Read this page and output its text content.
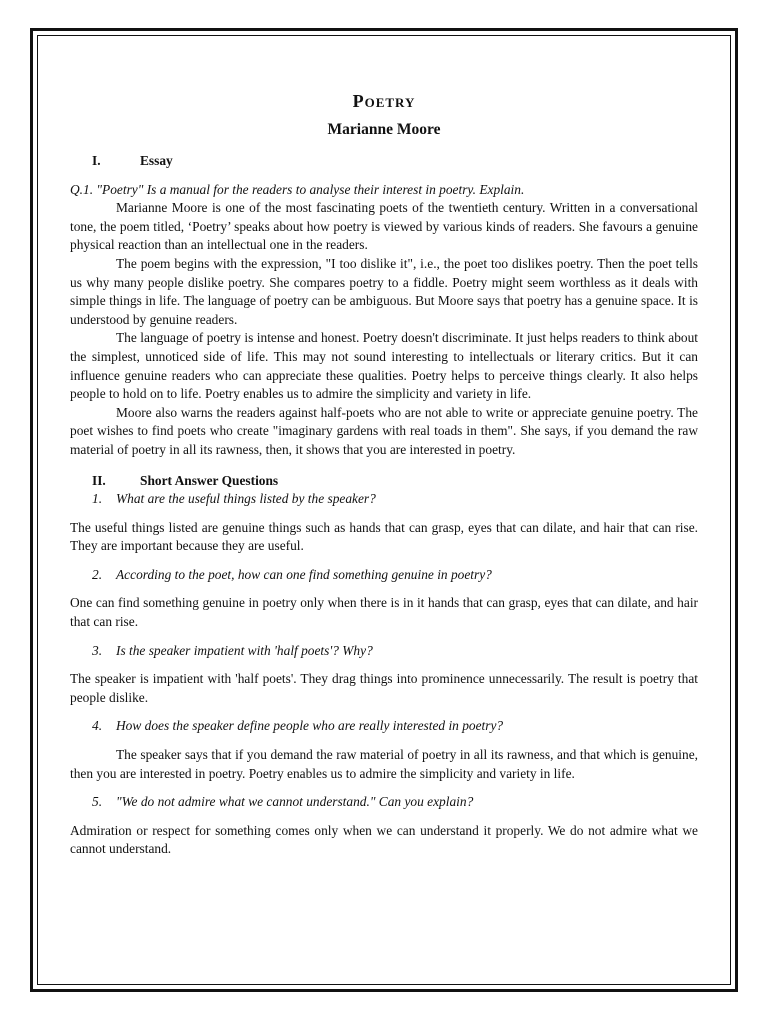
Poetry
Marianne Moore
I.	Essay

Q.1. "Poetry" Is a manual for the readers to analyse their interest in poetry. Explain.

Marianne Moore is one of the most fascinating poets of the twentieth century. Written in a conversational tone, the poem titled, ‘Poetry’ speaks about how poetry is viewed by various kinds of readers. She favours a genuine physical reaction than an intellectual one in the readers.

The poem begins with the expression, "I too dislike it", i.e., the poet too dislikes poetry. Then the poet tells us why many people dislike poetry. She compares poetry to a fiddle. Poetry might seem worthless as it deals with simple things in life. The language of poetry can be ambiguous. But Moore says that poetry has a genuine space. It is understood by genuine readers.

The language of poetry is intense and honest. Poetry doesn't discriminate. It just helps readers to think about the simplest, unnoticed side of life. This may not sound interesting to intellectuals or literary critics. But it can influence genuine readers who can appreciate these qualities. Poetry helps to perceive things clearly. It also helps people to hold on to life. Poetry enables us to admire the simplicity and variety in life.

Moore also warns the readers against half-poets who are not able to write or appreciate genuine poetry. The poet wishes to find poets who create "imaginary gardens with real toads in them". She says, if you demand the raw material of poetry in all its rawness, then, it shows that you are interested in poetry.

II.	Short Answer Questions
1.	What are the useful things listed by the speaker?

The useful things listed are genuine things such as hands that can grasp, eyes that can dilate, and hair that can rise. They are important because they are useful.

2.	According to the poet, how can one find something genuine in poetry?

One can find something genuine in poetry only when there is in it hands that can grasp, eyes that can dilate, and hair that can rise.

3.	Is the speaker impatient with 'half poets'? Why?

The speaker is impatient with 'half poets'. They drag things into prominence unnecessarily. The result is poetry that people dislike.

4.	How does the speaker define people who are really interested in poetry?

The speaker says that if you demand the raw material of poetry in all its rawness, and that which is genuine, then you are interested in poetry. Poetry enables us to admire the simplicity and variety in life.

5.	"We do not admire what we cannot understand." Can you explain?

Admiration or respect for something comes only when we can understand it properly. We do not admire what we cannot understand.
